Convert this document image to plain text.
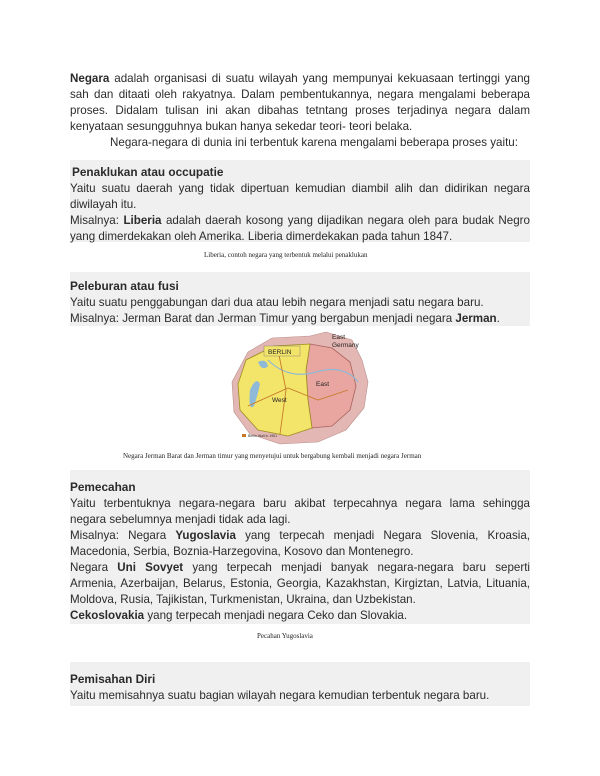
Negara adalah organisasi di suatu wilayah yang mempunyai kekuasaan tertinggi yang
sah dan ditaati oleh rakyatnya. Dalam pembentukannya, negara mengalami beberapa
proses. Didalam tulisan ini akan dibahas tetntang proses terjadinya negara dalam
kenyataan sesungguhnya bukan hanya sekedar teori- teori belaka.
Negara-negara di dunia ini terbentuk karena mengalami beberapa proses yaitu:
Penaklukan atau occupatie
Yaitu suatu daerah yang tidak dipertuan kemudian diambil alih dan didirikan negara
diwilayah itu.
Misalnya: Liberia adalah daerah kosong yang dijadikan negara oleh para budak Negro
yang dimerdekakan oleh Amerika. Liberia dimerdekakan pada tahun 1847.
Liberia, contoh negara yang terbentuk melalui penaklukan
Peleburan atau fusi
Yaitu suatu penggabungan dari dua atau lebih negara menjadi satu negara baru.
Misalnya: Jerman Barat dan Jerman Timur yang bergabun menjadi negara Jerman.
BERLIN
East
Germany
East
West
Berlin Wall in 1961
Negara Jerman Barat dan Jerman timur yang menyetujui untuk bergabung kembali menjadi negara Jerman
Pemecahan
Yaitu terbentuknya negara-negara baru akibat terpecahnya negara lama sehingga
negara sebelumnya menjadi tidak ada lagi.
Misalnya: Negara Yugoslavia yang terpecah menjadi Negara Slovenia, Kroasia,
Macedonia, Serbia, Boznia-Harzegovina, Kosovo dan Montenegro.
Negara Uni Sovyet yang terpecah menjadi banyak negara-negara baru seperti
Armenia, Azerbaijan, Belarus, Estonia, Georgia, Kazakhstan, Kirgiztan, Latvia, Lituania,
Moldova, Rusia, Tajikistan, Turkmenistan, Ukraina, dan Uzbekistan.
Cekoslovakia yang terpecah menjadi negara Ceko dan Slovakia.
Pecahan Yugoslavia
Pemisahan Diri
Yaitu memisahnya suatu bagian wilayah negara kemudian terbentuk negara baru.
